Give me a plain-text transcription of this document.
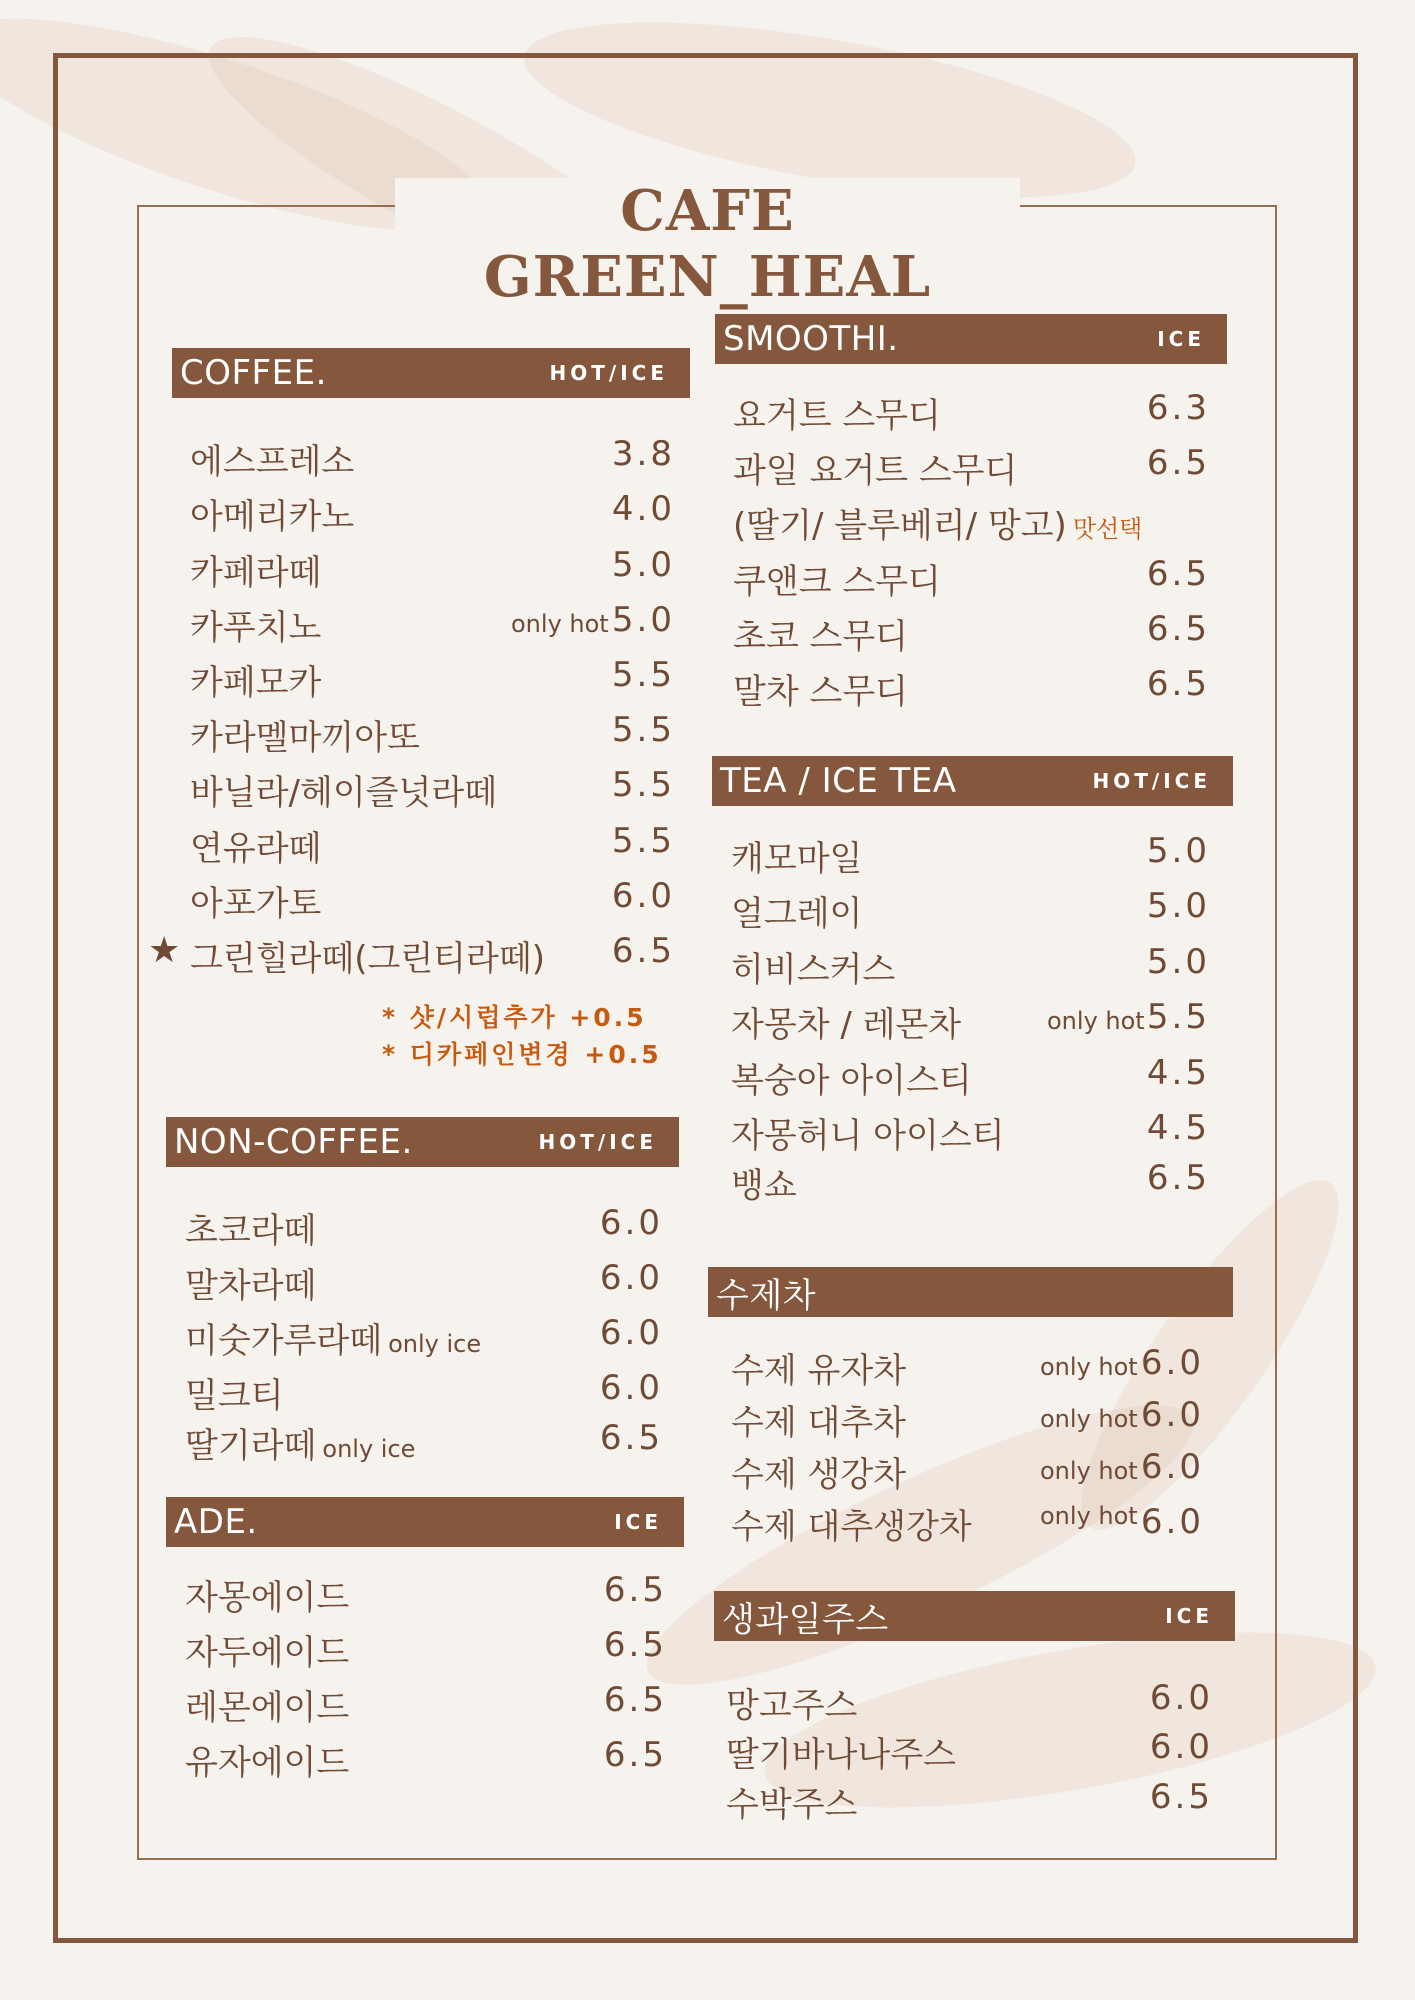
CAFE GREEN_HEAL
COFFEE.	HOT/ICE
에스프레소	3.8
아메리카노	4.0
카페라떼	5.0
카푸치노	only hot 5.0
카페모카	5.5
카라멜마끼아또	5.5
바닐라/헤이즐넛라떼	5.5
연유라떼	5.5
아포가토	6.0
★ 그린힐라떼(그린티라떼)	6.5
* 샷/시럽추가 +0.5
* 디카페인변경 +0.5
NON-COFFEE.	HOT/ICE
초코라떼	6.0
말차라떼	6.0
미숫가루라떼 only ice	6.0
밀크티	6.0
딸기라떼 only ice	6.5
ADE.	ICE
자몽에이드	6.5
자두에이드	6.5
레몬에이드	6.5
유자에이드	6.5
SMOOTHI.	ICE
요거트 스무디	6.3
과일 요거트 스무디	6.5
(딸기/ 블루베리/ 망고) 맛선택
쿠앤크 스무디	6.5
초코 스무디	6.5
말차 스무디	6.5
TEA / ICE TEA	HOT/ICE
캐모마일	5.0
얼그레이	5.0
히비스커스	5.0
자몽차 / 레몬차	only hot 5.5
복숭아 아이스티	4.5
자몽허니 아이스티	4.5
뱅쇼	6.5
수제차
수제 유자차	only hot 6.0
수제 대추차	only hot 6.0
수제 생강차	only hot 6.0
수제 대추생강차	only hot 6.0
생과일주스	ICE
망고주스	6.0
딸기바나나주스	6.0
수박주스	6.5
